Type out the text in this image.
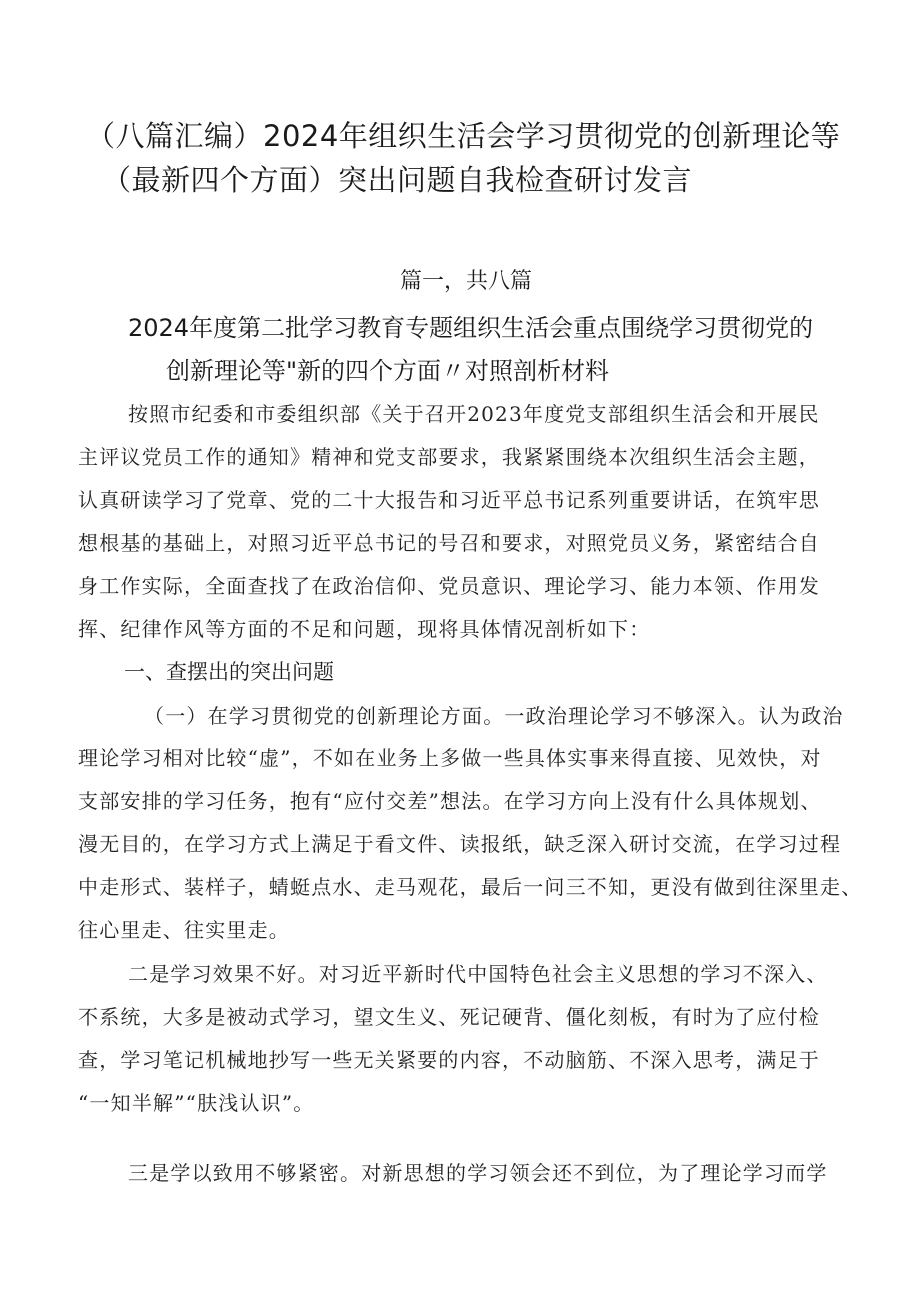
（八篇汇编）2024年组织生活会学习贯彻党的创新理论等
（最新四个方面）突出问题自我检查研讨发言
篇一，共八篇
2024年度第二批学习教育专题组织生活会重点围绕学习贯彻党的
创新理论等"新的四个方面〃对照剖析材料
按照市纪委和市委组织部《关于召开2023年度党支部组织生活会和开展民
主评议党员工作的通知》精神和党支部要求，我紧紧围绕本次组织生活会主题，
认真研读学习了党章、党的二十大报告和习近平总书记系列重要讲话，在筑牢思
想根基的基础上，对照习近平总书记的号召和要求，对照党员义务，紧密结合自
身工作实际，全面查找了在政治信仰、党员意识、理论学习、能力本领、作用发
挥、纪律作风等方面的不足和问题，现将具体情况剖析如下：
一、查摆出的突出问题
（一）在学习贯彻党的创新理论方面。一政治理论学习不够深入。认为政治
理论学习相对比较“虚”，不如在业务上多做一些具体实事来得直接、见效快，对
支部安排的学习任务，抱有“应付交差”想法。在学习方向上没有什么具体规划、
漫无目的，在学习方式上满足于看文件、读报纸，缺乏深入研讨交流，在学习过程
中走形式、装样子，蜻蜓点水、走马观花，最后一问三不知，更没有做到往深里走、
往心里走、往实里走。
二是学习效果不好。对习近平新时代中国特色社会主义思想的学习不深入、
不系统，大多是被动式学习，望文生义、死记硬背、僵化刻板，有时为了应付检
查，学习笔记机械地抄写一些无关紧要的内容，不动脑筋、不深入思考，满足于
“一知半解”“肤浅认识”。
三是学以致用不够紧密。对新思想的学习领会还不到位，为了理论学习而学
